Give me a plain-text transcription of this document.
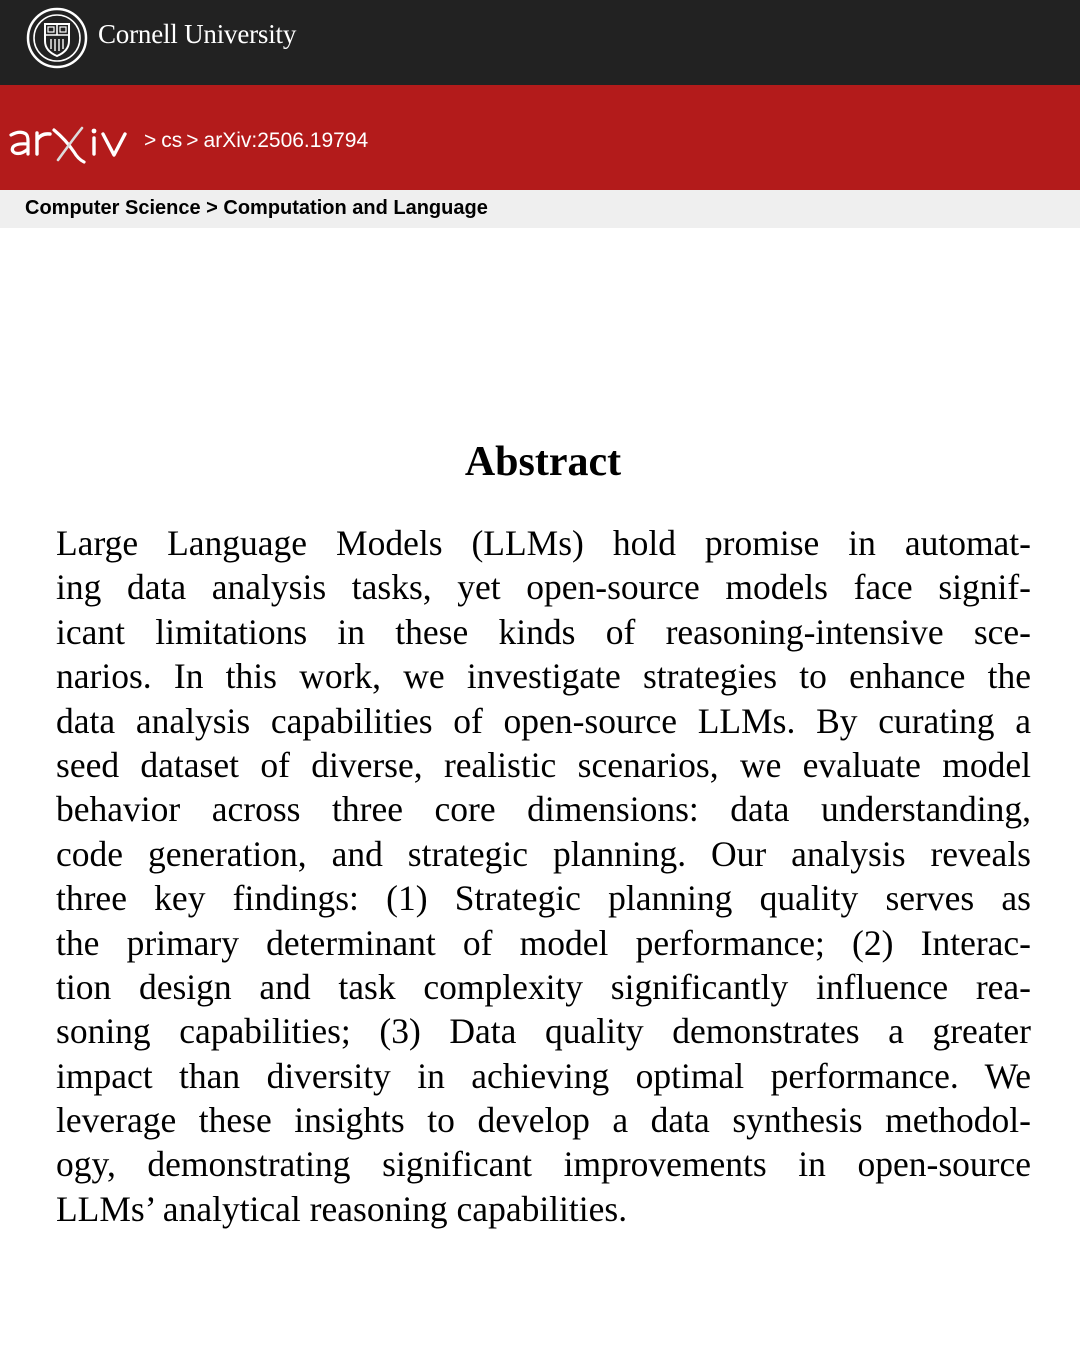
Cornell University
> cs > arXiv:2506.19794
Computer Science > Computation and Language
Abstract
Large Language Models (LLMs) hold promise in automat-
ing data analysis tasks, yet open-source models face signif-
icant limitations in these kinds of reasoning-intensive sce-
narios. In this work, we investigate strategies to enhance the
data analysis capabilities of open-source LLMs. By curating a
seed dataset of diverse, realistic scenarios, we evaluate model
behavior across three core dimensions: data understanding,
code generation, and strategic planning. Our analysis reveals
three key findings: (1) Strategic planning quality serves as
the primary determinant of model performance; (2) Interac-
tion design and task complexity significantly influence rea-
soning capabilities; (3) Data quality demonstrates a greater
impact than diversity in achieving optimal performance. We
leverage these insights to develop a data synthesis methodol-
ogy, demonstrating significant improvements in open-source
LLMs’ analytical reasoning capabilities.
